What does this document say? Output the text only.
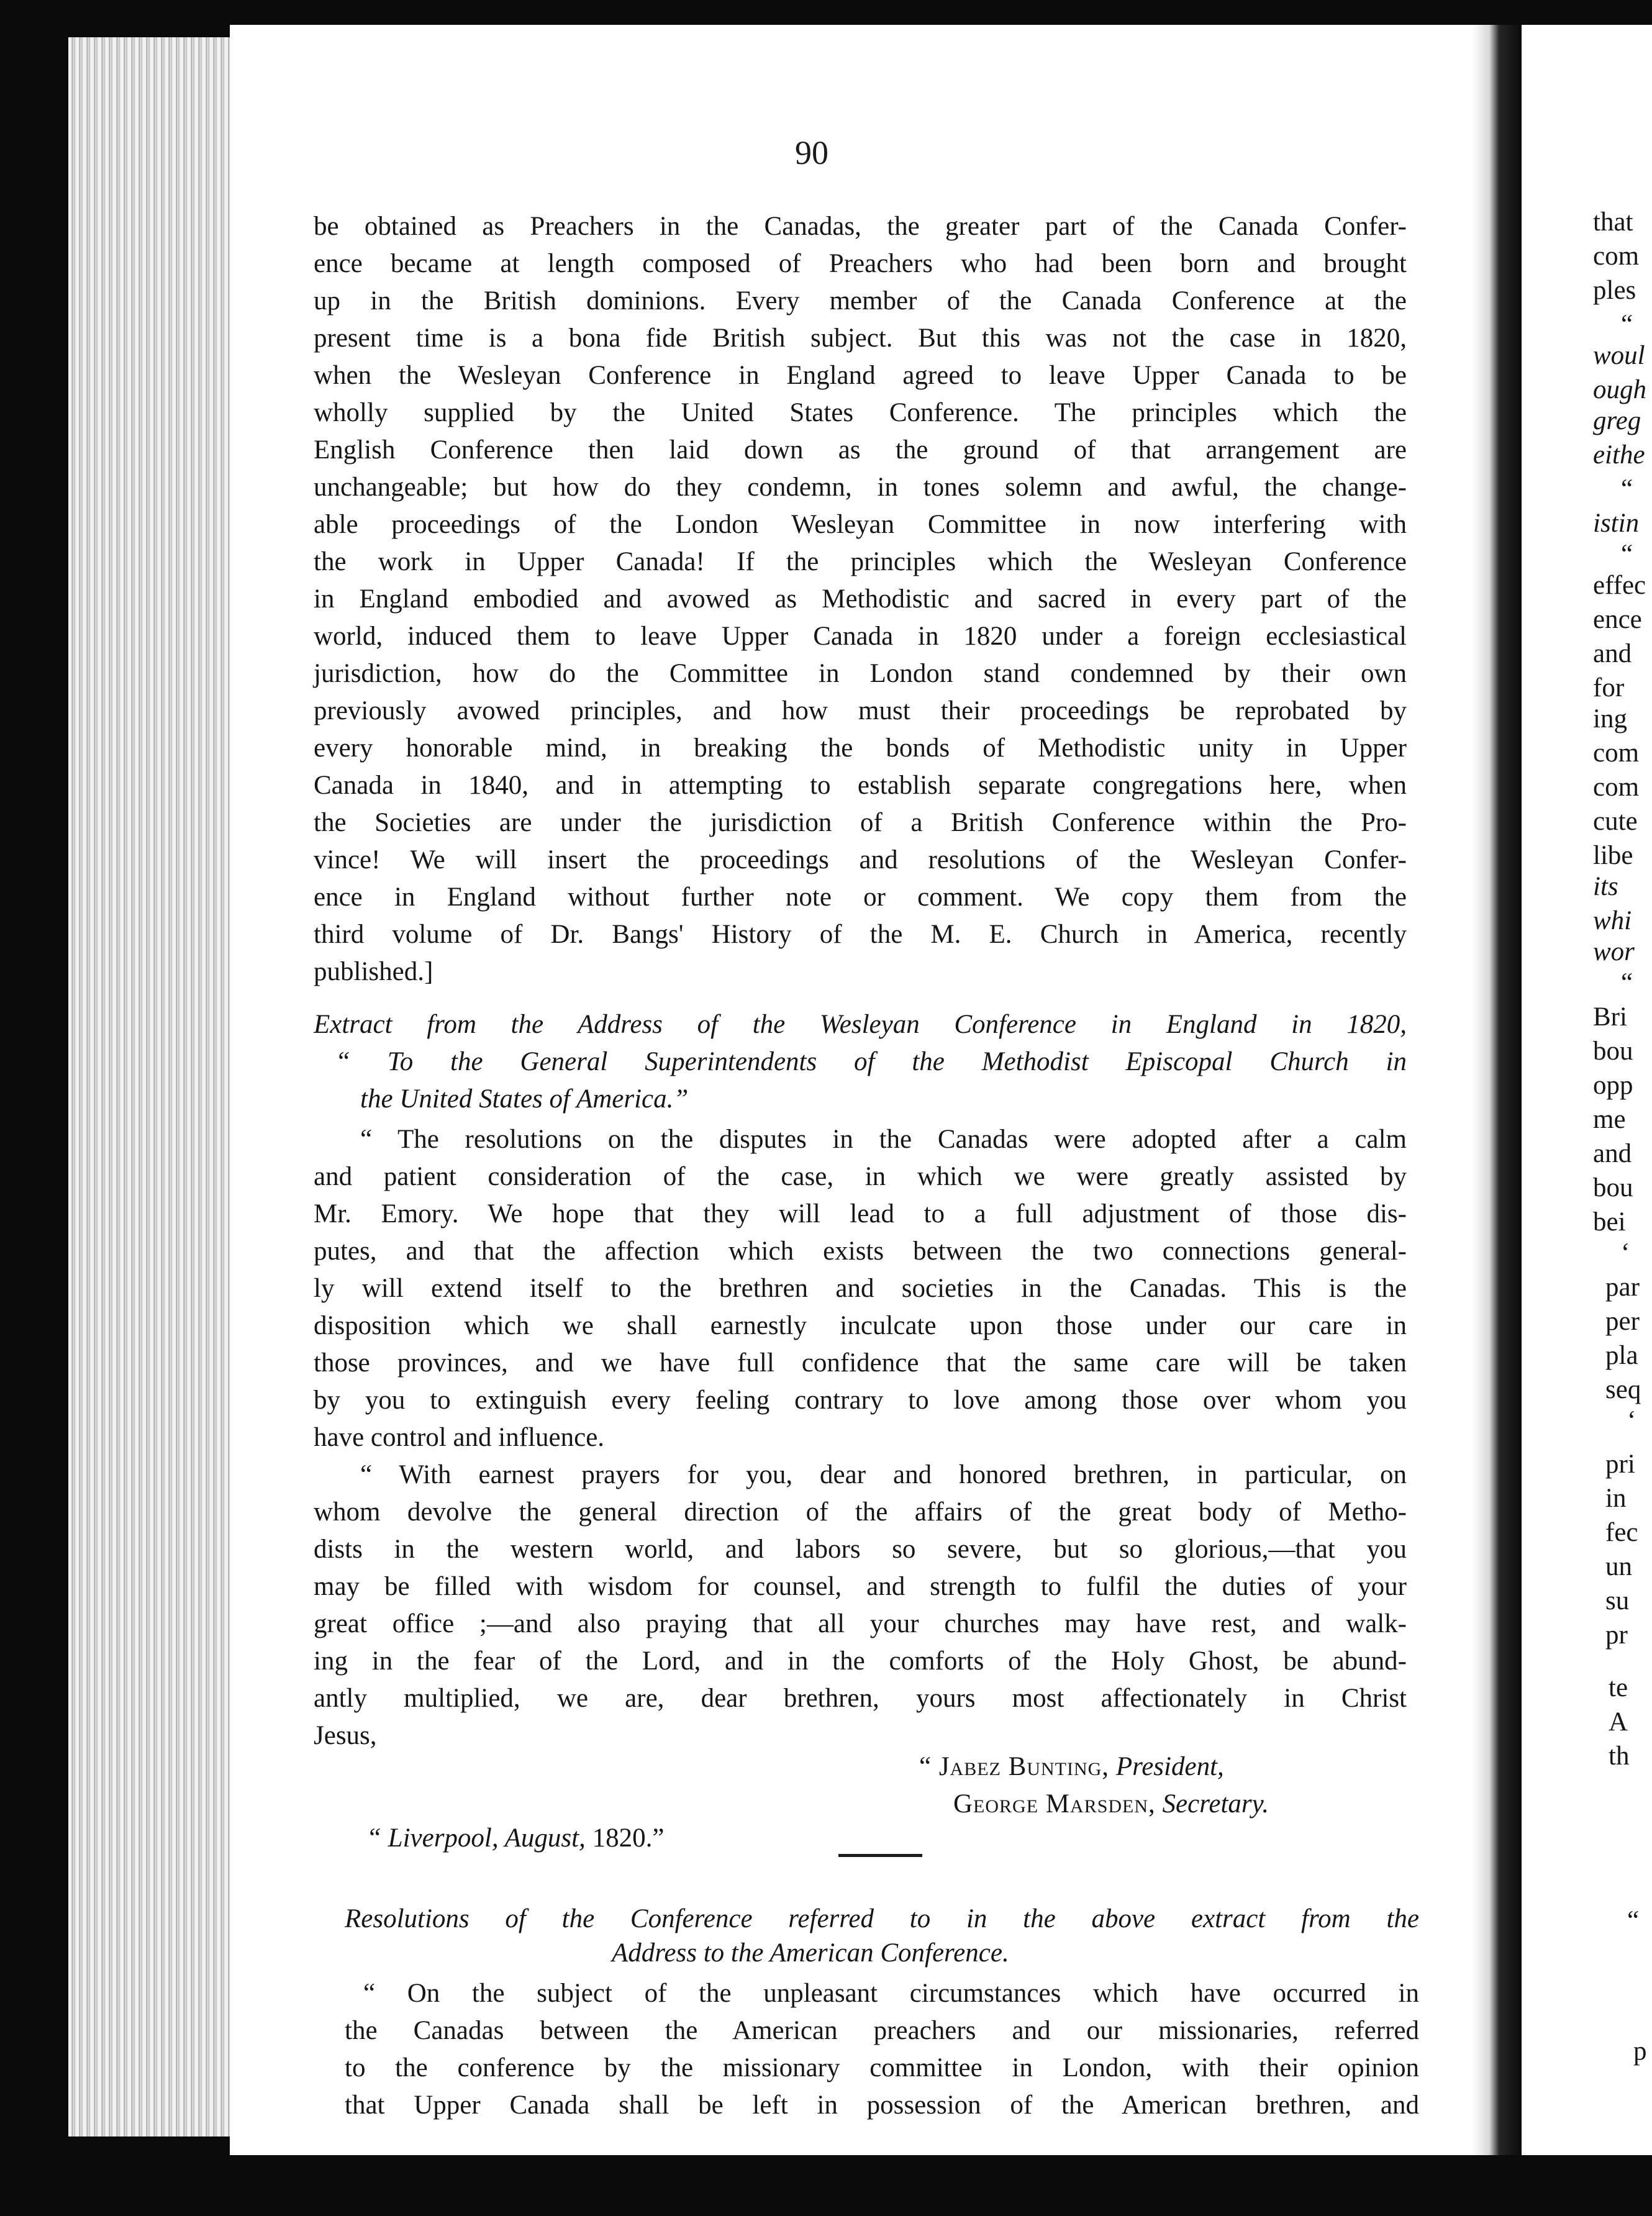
90
be obtained as Preachers in the Canadas, the greater part of the Canada Confer-
ence became at length composed of Preachers who had been born and brought
up in the British dominions. Every member of the Canada Conference at the
present time is a bona fide British subject. But this was not the case in 1820,
when the Wesleyan Conference in England agreed to leave Upper Canada to be
wholly supplied by the United States Conference. The principles which the
English Conference then laid down as the ground of that arrangement are
unchangeable; but how do they condemn, in tones solemn and awful, the change-
able proceedings of the London Wesleyan Committee in now interfering with
the work in Upper Canada! If the principles which the Wesleyan Conference
in England embodied and avowed as Methodistic and sacred in every part of the
world, induced them to leave Upper Canada in 1820 under a foreign ecclesiastical
jurisdiction, how do the Committee in London stand condemned by their own
previously avowed principles, and how must their proceedings be reprobated by
every honorable mind, in breaking the bonds of Methodistic unity in Upper
Canada in 1840, and in attempting to establish separate congregations here, when
the Societies are under the jurisdiction of a British Conference within the Pro-
vince! We will insert the proceedings and resolutions of the Wesleyan Confer-
ence in England without further note or comment. We copy them from the
third volume of Dr. Bangs' History of the M. E. Church in America, recently
published.]
Extract from the Address of the Wesleyan Conference in England in 1820,
“ To the General Superintendents of the Methodist Episcopal Church in
the United States of America.”
“ The resolutions on the disputes in the Canadas were adopted after a calm
and patient consideration of the case, in which we were greatly assisted by
Mr. Emory. We hope that they will lead to a full adjustment of those dis-
putes, and that the affection which exists between the two connections general-
ly will extend itself to the brethren and societies in the Canadas. This is the
disposition which we shall earnestly inculcate upon those under our care in
those provinces, and we have full confidence that the same care will be taken
by you to extinguish every feeling contrary to love among those over whom you
have control and influence.
“ With earnest prayers for you, dear and honored brethren, in particular, on
whom devolve the general direction of the affairs of the great body of Metho-
dists in the western world, and labors so severe, but so glorious,—that you
may be filled with wisdom for counsel, and strength to fulfil the duties of your
great office ;—and also praying that all your churches may have rest, and walk-
ing in the fear of the Lord, and in the comforts of the Holy Ghost, be abund-
antly multiplied, we are, dear brethren, yours most affectionately in Christ
Jesus,
“ Jabez Bunting, President,
George Marsden, Secretary.
“ Liverpool, August, 1820.”
Resolutions of the Conference referred to in the above extract from the
Address to the American Conference.
“ On the subject of the unpleasant circumstances which have occurred in
the Canadas between the American preachers and our missionaries, referred
to the conference by the missionary committee in London, with their opinion
that Upper Canada shall be left in possession of the American brethren, and
that
com
ples
“
woul
ough
greg
eithe
“
istin
“
effec
ence
and
for
ing
com
com
cute
libe
its
whi
wor
“
Bri
bou
opp
me
and
bou
bei
‘
par
per
pla
seq
‘
pri
in
fec
un
su
pr
te
A
th
“
p
